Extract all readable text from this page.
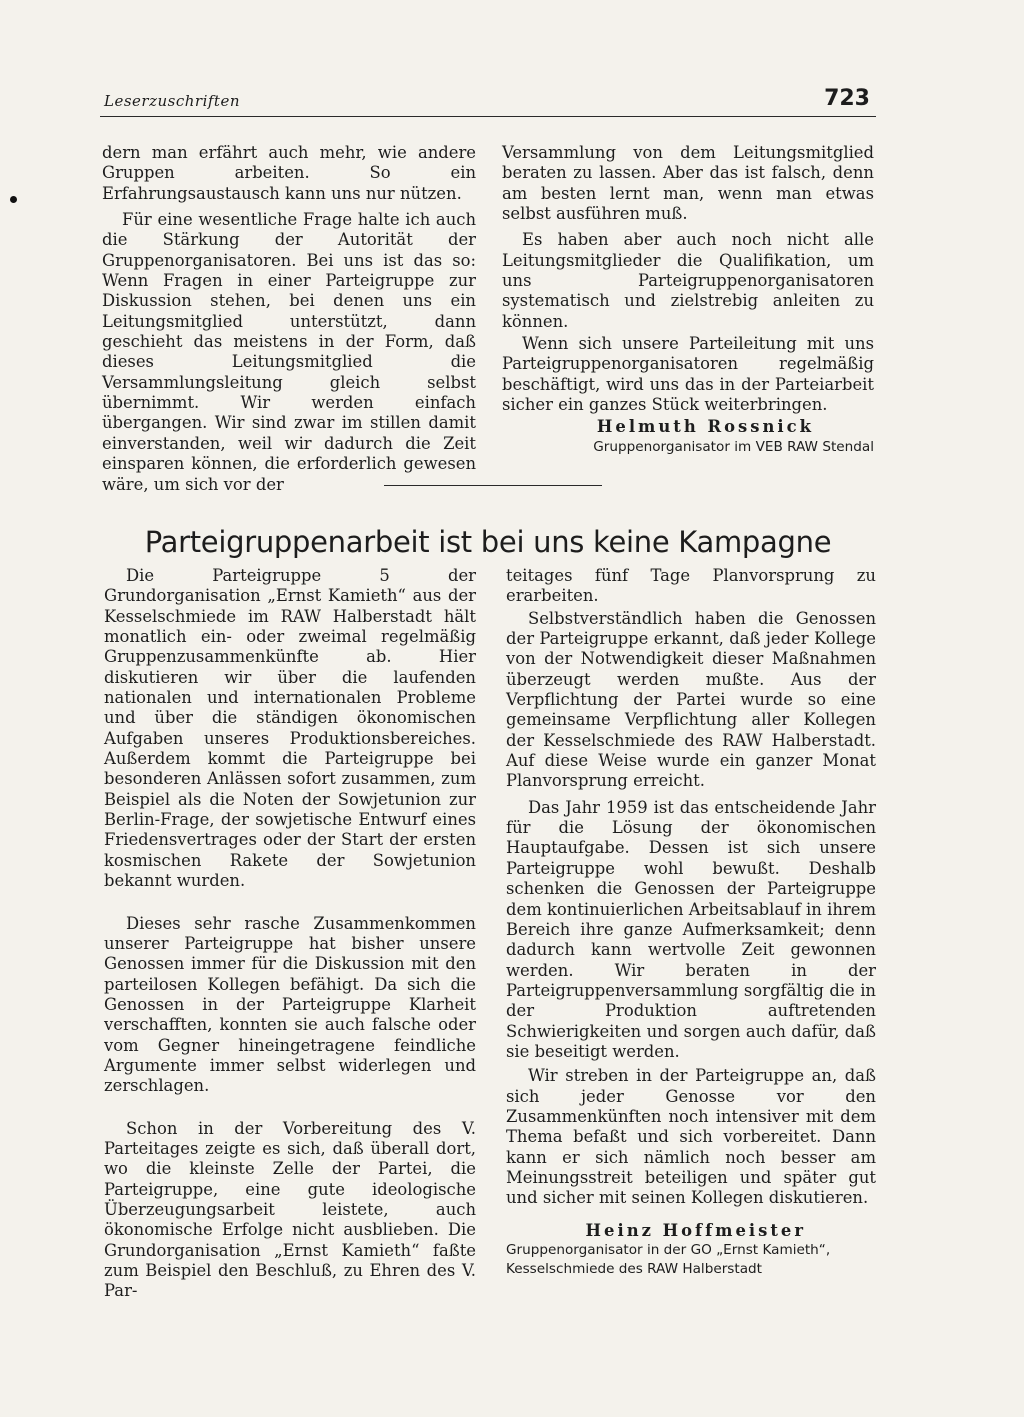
Leserzuschriften	723

dern man erfährt auch mehr, wie andere Gruppen arbeiten. So ein Erfahrungsaustausch kann uns nur nützen.

Für eine wesentliche Frage halte ich auch die Stärkung der Autorität der Gruppenorganisatoren. Bei uns ist das so: Wenn Fragen in einer Parteigruppe zur Diskussion stehen, bei denen uns ein Leitungsmitglied unterstützt, dann geschieht das meistens in der Form, daß dieses Leitungsmitglied die Versammlungsleitung gleich selbst übernimmt. Wir werden einfach übergangen. Wir sind zwar im stillen damit einverstanden, weil wir dadurch die Zeit einsparen können, die erforderlich gewesen wäre, um sich vor der

Versammlung von dem Leitungsmitglied beraten zu lassen. Aber das ist falsch, denn am besten lernt man, wenn man etwas selbst ausführen muß.

Es haben aber auch noch nicht alle Leitungsmitglieder die Qualifikation, um uns Parteigruppenorganisatoren systematisch und zielstrebig anleiten zu können.

Wenn sich unsere Parteileitung mit uns Parteigruppenorganisatoren regelmäßig beschäftigt, wird uns das in der Parteiarbeit sicher ein ganzes Stück weiterbringen.

Helmuth Rossnick
Gruppenorganisator im VEB RAW Stendal
Parteigruppenarbeit ist bei uns keine Kampagne

Die Parteigruppe 5 der Grundorganisation „Ernst Kamieth“ aus der Kesselschmiede im RAW Halberstadt hält monatlich ein- oder zweimal regelmäßig Gruppenzusammenkünfte ab. Hier diskutieren wir über die laufenden nationalen und internationalen Probleme und über die ständigen ökonomischen Aufgaben unseres Produktionsbereiches. Außerdem kommt die Parteigruppe bei besonderen Anlässen sofort zusammen, zum Beispiel als die Noten der Sowjetunion zur Berlin-Frage, der sowjetische Entwurf eines Friedensvertrages oder der Start der ersten kosmischen Rakete der Sowjetunion bekannt wurden.

Dieses sehr rasche Zusammenkommen unserer Parteigruppe hat bisher unsere Genossen immer für die Diskussion mit den parteilosen Kollegen befähigt. Da sich die Genossen in der Parteigruppe Klarheit verschafften, konnten sie auch falsche oder vom Gegner hineingetragene feindliche Argumente immer selbst widerlegen und zerschlagen.

Schon in der Vorbereitung des V. Parteitages zeigte es sich, daß überall dort, wo die kleinste Zelle der Partei, die Parteigruppe, eine gute ideologische Überzeugungsarbeit leistete, auch ökonomische Erfolge nicht ausblieben. Die Grundorganisation „Ernst Kamieth“ faßte zum Beispiel den Beschluß, zu Ehren des V. Par-

teitages fünf Tage Planvorsprung zu erarbeiten.

Selbstverständlich haben die Genossen der Parteigruppe erkannt, daß jeder Kollege von der Notwendigkeit dieser Maßnahmen überzeugt werden mußte. Aus der Verpflichtung der Partei wurde so eine gemeinsame Verpflichtung aller Kollegen der Kesselschmiede des RAW Halberstadt. Auf diese Weise wurde ein ganzer Monat Planvorsprung erreicht.

Das Jahr 1959 ist das entscheidende Jahr für die Lösung der ökonomischen Hauptaufgabe. Dessen ist sich unsere Parteigruppe wohl bewußt. Deshalb schenken die Genossen der Parteigruppe dem kontinuierlichen Arbeitsablauf in ihrem Bereich ihre ganze Aufmerksamkeit; denn dadurch kann wertvolle Zeit gewonnen werden. Wir beraten in der Parteigruppenversammlung sorgfältig die in der Produktion auftretenden Schwierigkeiten und sorgen auch dafür, daß sie beseitigt werden.

Wir streben in der Parteigruppe an, daß sich jeder Genosse vor den Zusammenkünften noch intensiver mit dem Thema befaßt und sich vorbereitet. Dann kann er sich nämlich noch besser am Meinungsstreit beteiligen und später gut und sicher mit seinen Kollegen diskutieren.

Heinz Hoffmeister
Gruppenorganisator in der GO „Ernst Kamieth“,
Kesselschmiede des RAW Halberstadt
